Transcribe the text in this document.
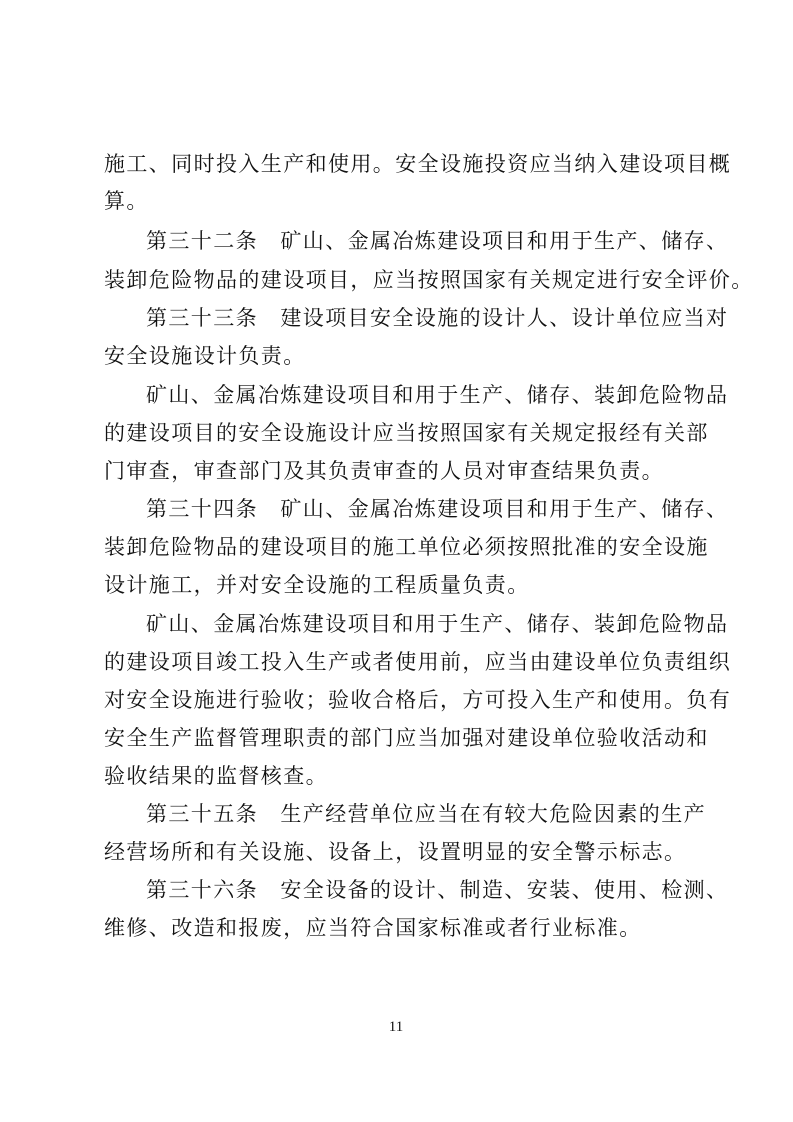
施工、同时投入生产和使用。安全设施投资应当纳入建设项目概
算。
第三十二条　矿山、金属冶炼建设项目和用于生产、储存、
装卸危险物品的建设项目，应当按照国家有关规定进行安全评价。
第三十三条　建设项目安全设施的设计人、设计单位应当对
安全设施设计负责。
矿山、金属冶炼建设项目和用于生产、储存、装卸危险物品
的建设项目的安全设施设计应当按照国家有关规定报经有关部
门审查，审查部门及其负责审查的人员对审查结果负责。
第三十四条　矿山、金属冶炼建设项目和用于生产、储存、
装卸危险物品的建设项目的施工单位必须按照批准的安全设施
设计施工，并对安全设施的工程质量负责。
矿山、金属冶炼建设项目和用于生产、储存、装卸危险物品
的建设项目竣工投入生产或者使用前，应当由建设单位负责组织
对安全设施进行验收；验收合格后，方可投入生产和使用。负有
安全生产监督管理职责的部门应当加强对建设单位验收活动和
验收结果的监督核查。
第三十五条　生产经营单位应当在有较大危险因素的生产
经营场所和有关设施、设备上，设置明显的安全警示标志。
第三十六条　安全设备的设计、制造、安装、使用、检测、
维修、改造和报废，应当符合国家标准或者行业标准。
11
